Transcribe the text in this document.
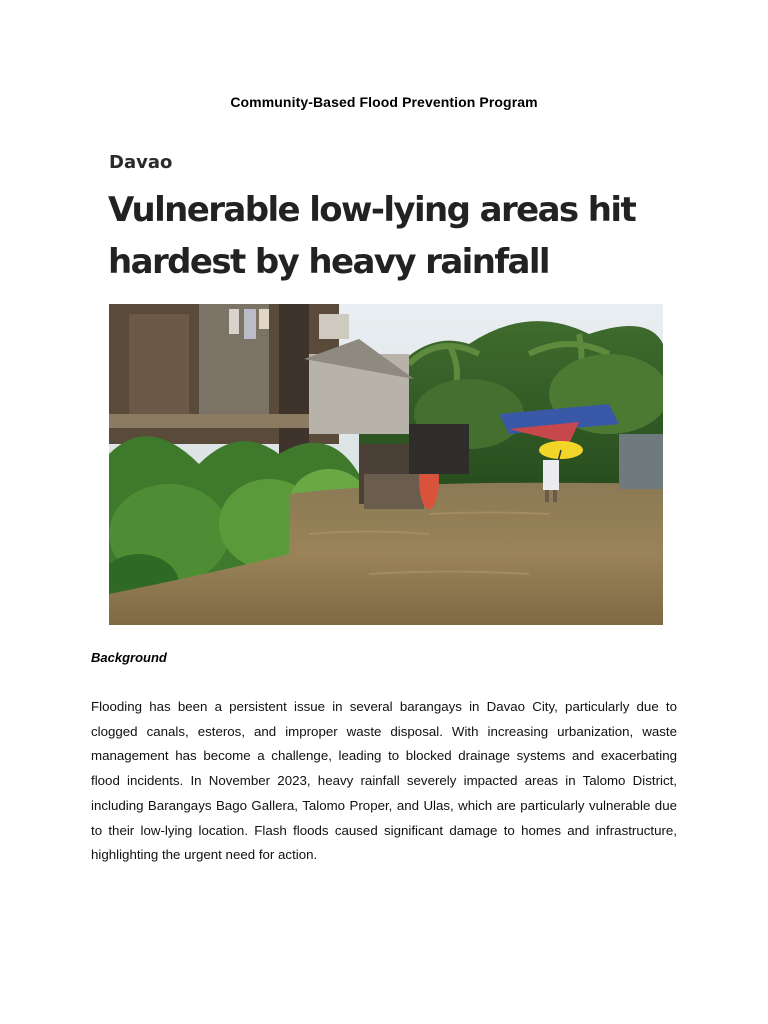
Community-Based Flood Prevention Program
Davao
Vulnerable low-lying areas hit hardest by heavy rainfall
Background

Flooding has been a persistent issue in several barangays in Davao City, particularly due to clogged canals, esteros, and improper waste disposal. With increasing urbanization, waste management has become a challenge, leading to blocked drainage systems and exacerbating flood incidents. In November 2023, heavy rainfall severely impacted areas in Talomo District, including Barangays Bago Gallera, Talomo Proper, and Ulas, which are particularly vulnerable due to their low-lying location. Flash floods caused significant damage to homes and infrastructure, highlighting the urgent need for action.
